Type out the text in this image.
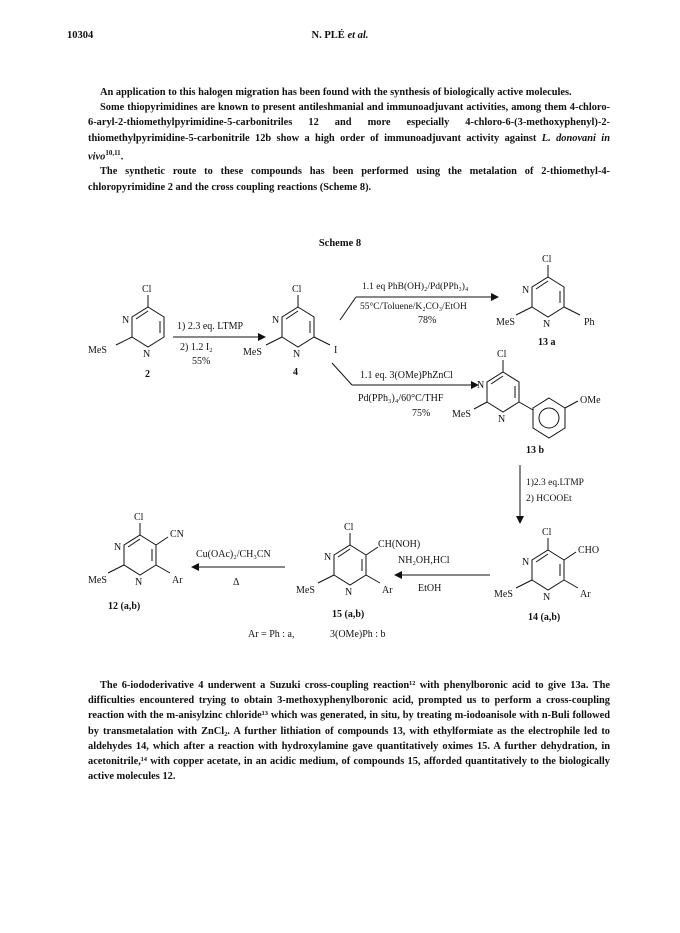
10304	N. PLÉ et al.

An application to this halogen migration has been found with the synthesis of biologically active molecules.

Some thiopyrimidines are known to present antileshmanial and immunoadjuvant activities, among them 4-chloro-6-aryl-2-thiomethylpyrimidine-5-carbonitriles 12 and more especially 4-chloro-6-(3-methoxyphenyl)-2-thiomethylpyrimidine-5-carbonitrile 12b show a high order of immunoadjuvant activity against L. donovani in vivo$^{10,11}$.

The synthetic route to these compounds has been performed using the metalation of 2-thiomethyl-4-chloropyrimidine 2 and the cross coupling reactions (Scheme 8).

Scheme 8
Cl
N
N
MeS
2
1) 2.3 eq. LTMP
2) 1.2 I₂
55%
Cl
N
N
MeS	I
4
1.1 eq PhB(OH)₂/Pd(PPh₃)₄
55°C/Toluene/K₂CO₃/EtOH
78%
Cl
N
N
MeS	Ph
13 a
1.1 eq. 3(OMe)PhZnCl
Pd(PPh₃)₄/60°C/THF
75%
Cl
N
N
MeS
OMe
13 b
1)2.3 eq.LTMP
2) HCOOEt
Cl
N
N
MeS	Ar
CHO
14 (a,b)
NH₂OH,HCl
EtOH
Cl
N
N
MeS	Ar
CH(NOH)
15 (a,b)
Cu(OAc)₂/CH₃CN
Δ
Cl
N
N
MeS	Ar
CN
12 (a,b)
Ar = Ph : a,	3(OMe)Ph : b

The 6-iododerivative 4 underwent a Suzuki cross-coupling reaction¹² with phenylboronic acid to give 13a. The difficulties encountered trying to obtain 3-methoxyphenylboronic acid, prompted us to perform a cross-coupling reaction with the m-anisylzinc chloride¹³ which was generated, in situ, by treating m-iodoanisole with n-Buli followed by transmetalation with ZnCl₂. A further lithiation of compounds 13, with ethylformiate as the electrophile led to aldehydes 14, which after a reaction with hydroxylamine gave quantitatively oximes 15. A further dehydration, in acetonitrile,¹⁴ with copper acetate, in an acidic medium, of compounds 15, afforded quantitatively to the biologically active molecules 12.
